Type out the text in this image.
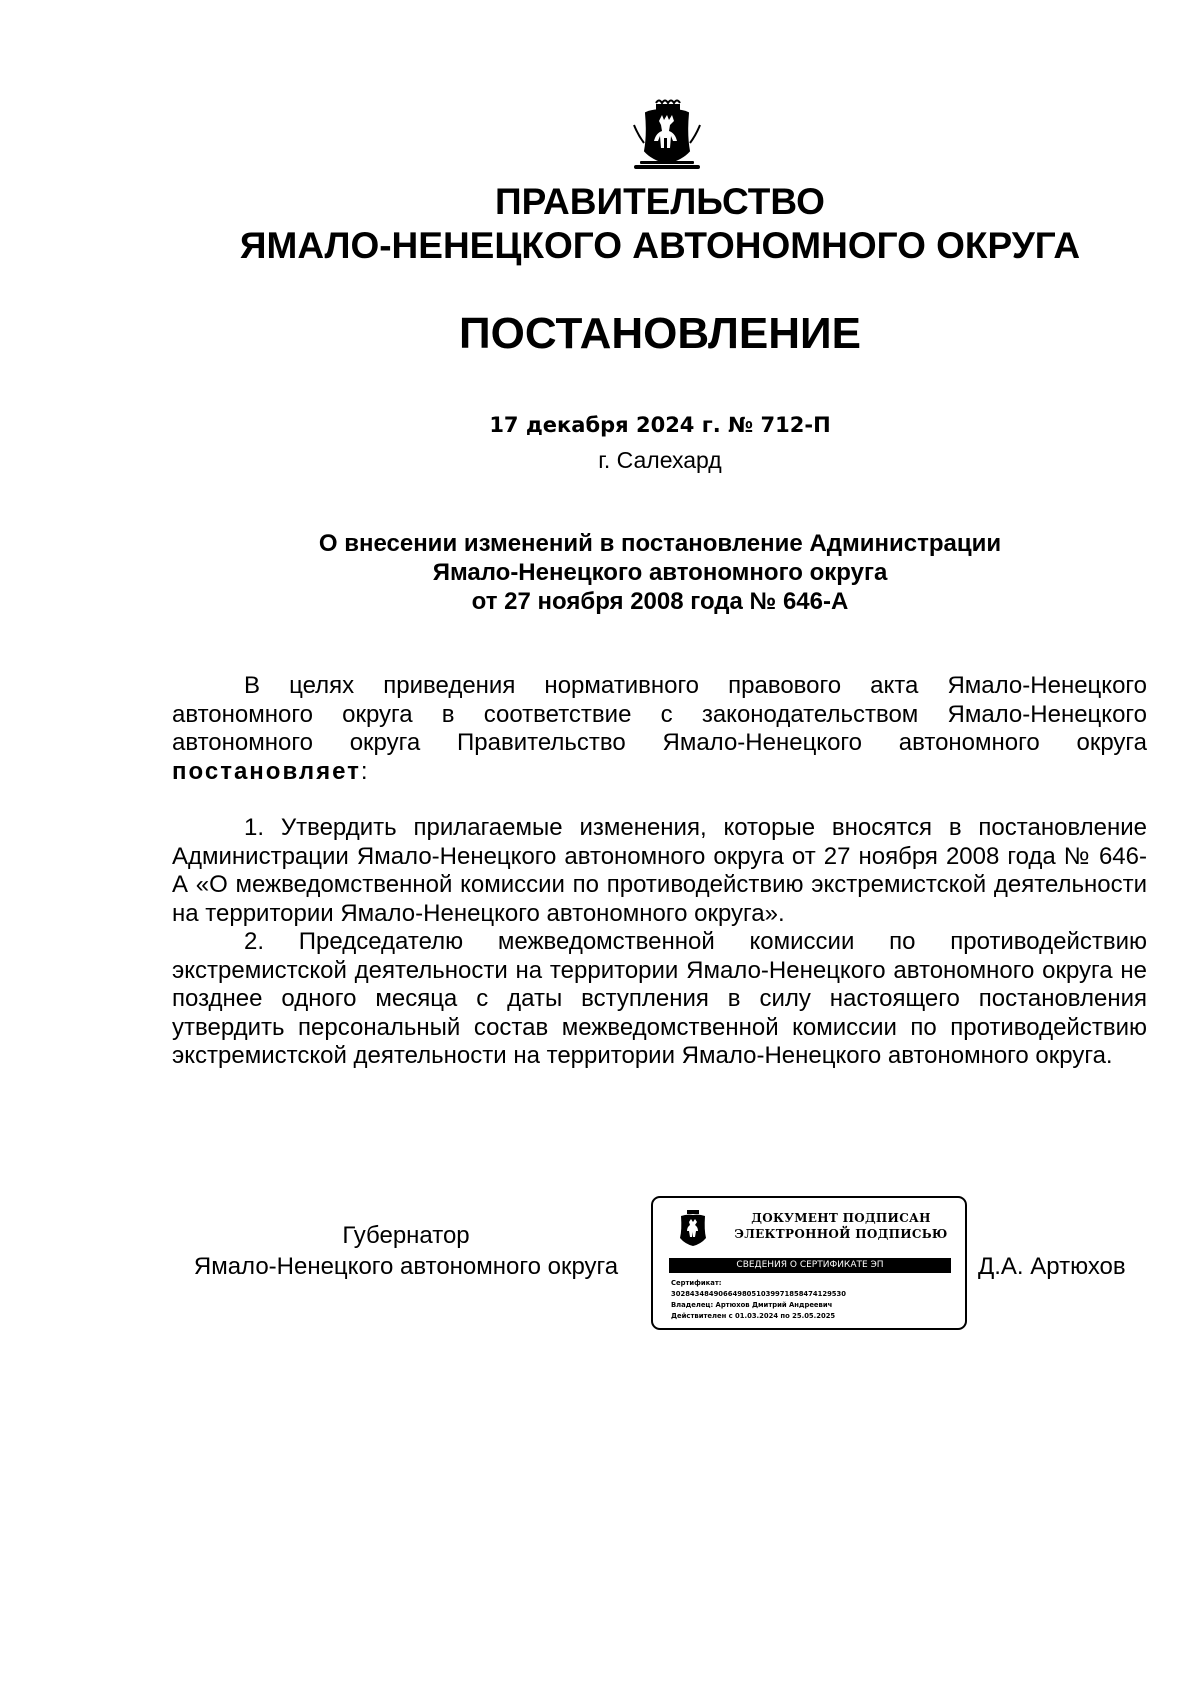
ПРАВИТЕЛЬСТВО
ЯМАЛО-НЕНЕЦКОГО АВТОНОМНОГО ОКРУГА
ПОСТАНОВЛЕНИЕ
17 декабря 2024 г. № 712-П
г. Салехард
О внесении изменений в постановление Администрации
Ямало-Ненецкого автономного округа
от 27 ноября 2008 года № 646-А

В целях приведения нормативного правового акта Ямало-Ненецкого автономного округа в соответствие с законодательством Ямало-Ненецкого автономного округа Правительство Ямало-Ненецкого автономного округа постановляет:

1. Утвердить прилагаемые изменения, которые вносятся в постановление Администрации Ямало-Ненецкого автономного округа от 27 ноября 2008 года № 646-А «О межведомственной комиссии по противодействию экстремистской деятельности на территории Ямало-Ненецкого автономного округа».

2. Председателю межведомственной комиссии по противодействию экстремистской деятельности на территории Ямало-Ненецкого автономного округа не позднее одного месяца с даты вступления в силу настоящего постановления утвердить персональный состав межведомственной комиссии по противодействию экстремистской деятельности на территории Ямало-Ненецкого автономного округа.

Губернатор
Ямало-Ненецкого автономного округа
ДОКУМЕНТ ПОДПИСАН
ЭЛЕКТРОННОЙ ПОДПИСЬЮ
СВЕДЕНИЯ О СЕРТИФИКАТЕ ЭП
Сертификат:
3028434849066498051039971858474129530
Владелец: Артюхов Дмитрий Андреевич
Действителен с 01.03.2024 по 25.05.2025
Д.А. Артюхов
